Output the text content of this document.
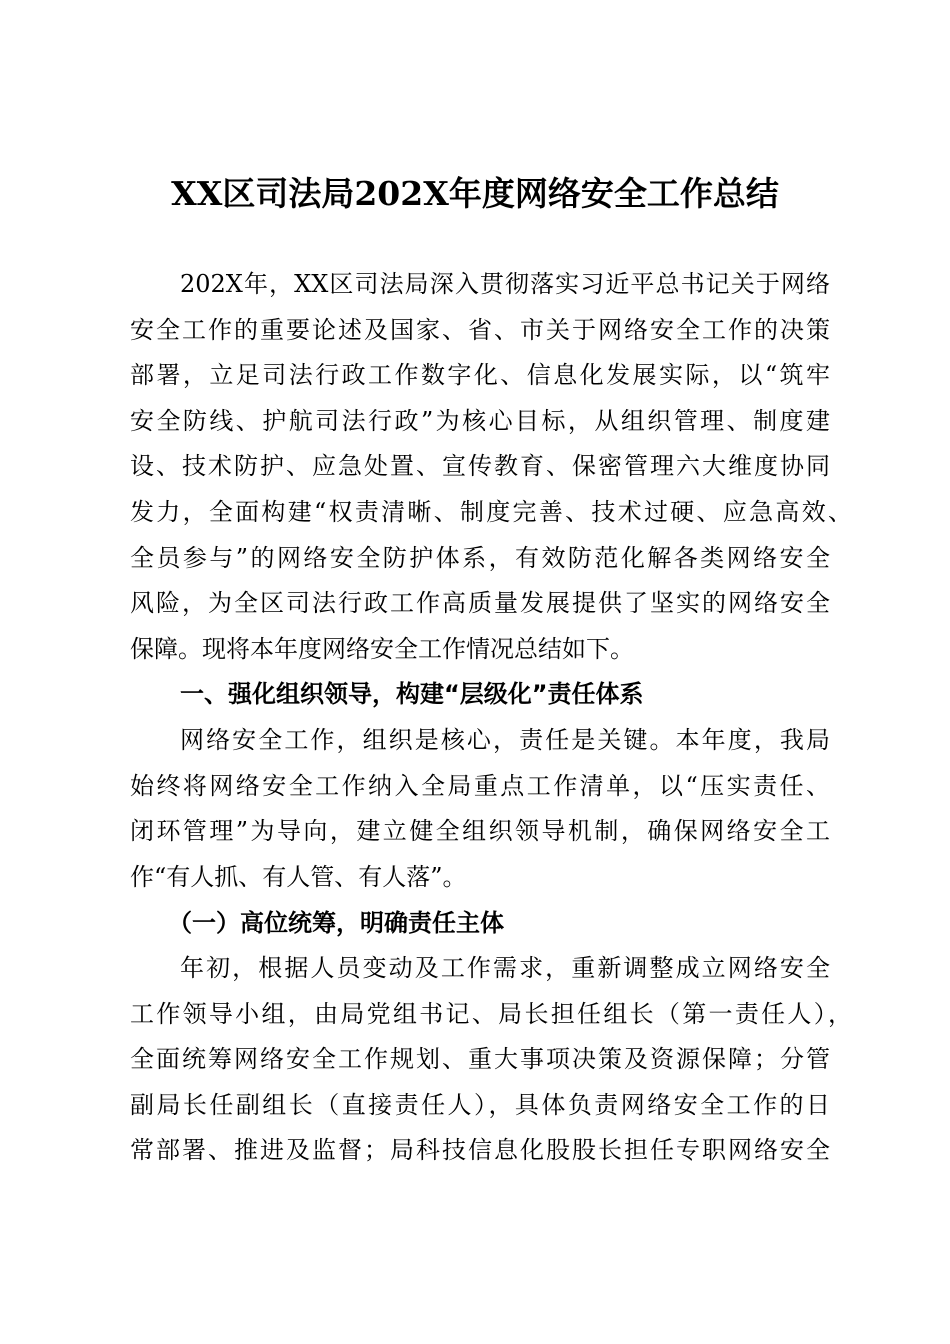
XX区司法局202X年度网络安全工作总结
202X年，XX区司法局深入贯彻落实习近平总书记关于网络
安全工作的重要论述及国家、省、市关于网络安全工作的决策
部署，立足司法行政工作数字化、信息化发展实际，以“筑牢
安全防线、护航司法行政”为核心目标，从组织管理、制度建
设、技术防护、应急处置、宣传教育、保密管理六大维度协同
发力，全面构建“权责清晰、制度完善、技术过硬、应急高效、
全员参与”的网络安全防护体系，有效防范化解各类网络安全
风险，为全区司法行政工作高质量发展提供了坚实的网络安全
保障。现将本年度网络安全工作情况总结如下。
一、强化组织领导，构建“层级化”责任体系
网络安全工作，组织是核心，责任是关键。本年度，我局
始终将网络安全工作纳入全局重点工作清单，以“压实责任、
闭环管理”为导向，建立健全组织领导机制，确保网络安全工
作“有人抓、有人管、有人落”。
（一）高位统筹，明确责任主体
年初，根据人员变动及工作需求，重新调整成立网络安全
工作领导小组，由局党组书记、局长担任组长（第一责任人），
全面统筹网络安全工作规划、重大事项决策及资源保障；分管
副局长任副组长（直接责任人），具体负责网络安全工作的日
常部署、推进及监督；局科技信息化股股长担任专职网络安全
